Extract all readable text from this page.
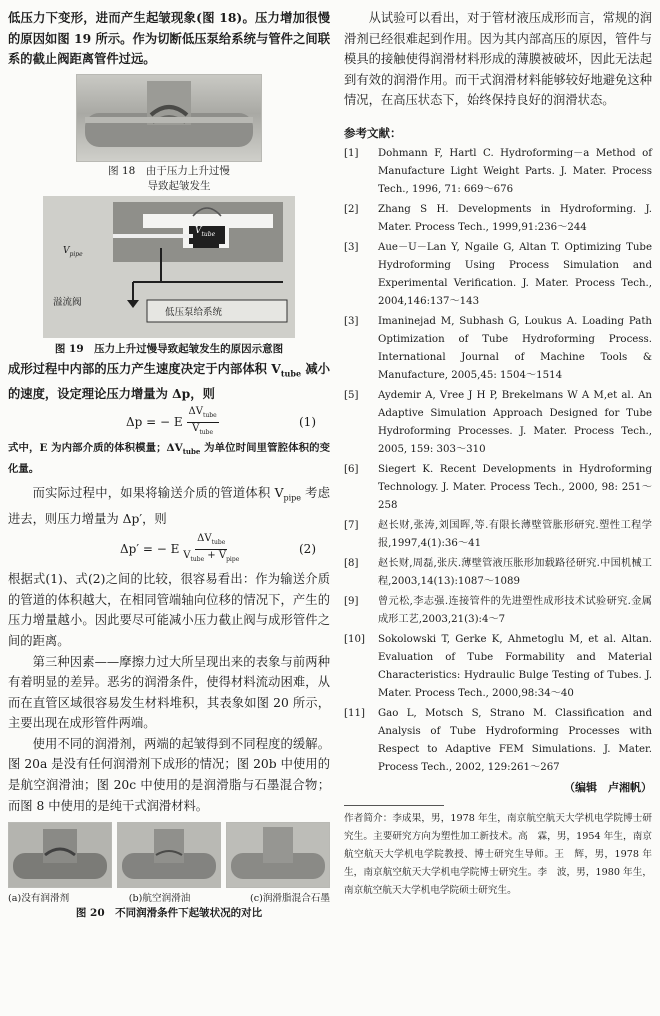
低压力下变形，进而产生起皱现象(图 18)。压力增加很慢的原因如图 19 所示。作为切断低压泵给系统与管件之间联系的截止阀距离管件过远。

图 18　由于压力上升过慢
导致起皱发生
$V_{tube}$
$V_{pipe}$
溢流阀
低压泵给系统
图 19　压力上升过慢导致起皱发生的原因示意图

成形过程中内部的压力产生速度决定于内部体积 $V_{tube}$ 减小的速度，设定理论压力增量为 Δp，则

Δp = − E $\frac{\Delta V_{tube}}{V_{tube}}$	(1)

式中，E 为内部介质的体积模量；$\Delta V_{tube}$ 为单位时间里管腔体积的变化量。

而实际过程中，如果将输送介质的管道体积 $V_{pipe}$ 考虑进去，则压力增量为 Δp′，则

Δp′ = − E $\frac{\Delta V_{tube}}{V_{tube} + V_{pipe}}$	(2)

根据式(1)、式(2)之间的比较，很容易看出：作为输送介质的管道的体积越大，在相同管端轴向位移的情况下，产生的压力增量越小。因此要尽可能减小压力截止阀与成形管件之间的距离。

第三种因素——摩擦力过大所呈现出来的表象与前两种有着明显的差异。恶劣的润滑条件，使得材料流动困难，从而在直管区域很容易发生材料堆积，其表象如图 20 所示，主要出现在成形管件两端。

使用不同的润滑剂，两端的起皱得到不同程度的缓解。图 20a 是没有任何润滑剂下成形的情况；图 20b 中使用的是航空润滑油；图 20c 中使用的是润滑脂与石墨混合物；而图 8 中使用的是纯干式润滑材料。

(a)没有润滑剂	(b)航空润滑油	(c)润滑脂混合石墨
图 20　不同润滑条件下起皱状况的对比

从试验可以看出，对于管材液压成形而言，常规的润滑剂已经很难起到作用。因为其内部高压的原因，管件与模具的接触使得润滑材料形成的薄膜被破坏，因此无法起到有效的润滑作用。而干式润滑材料能够较好地避免这种情况，在高压状态下，始终保持良好的润滑状态。

参考文献：
[1]	Dohmann F, Hartl C. Hydroforming－a Method of Manufacture Light Weight Parts. J. Mater. Process Tech., 1996, 71: 669～676
[2]	Zhang S H. Developments in Hydroforming. J. Mater. Process Tech., 1999,91:236～244
[3]	Aue－U－Lan Y, Ngaile G, Altan T. Optimizing Tube Hydroforming Using Process Simulation and Experimental Verification. J. Mater. Process Tech., 2004,146:137～143
[3]	Imaninejad M, Subhash G, Loukus A. Loading Path Optimization of Tube Hydroforming Process. International Journal of Machine Tools & Manufacture, 2005,45: 1504～1514
[5]	Aydemir A, Vree J H P, Brekelmans W A M,et al. An Adaptive Simulation Approach Designed for Tube Hydroforming Processes. J. Mater. Process Tech., 2005, 159: 303～310
[6]	Siegert K. Recent Developments in Hydroforming Technology. J. Mater. Process Tech., 2000, 98: 251～258
[7]	赵长财,张涛,刘国晖,等.有限长薄壁管胀形研究.塑性工程学报,1997,4(1):36～41
[8]	赵长财,周磊,张庆.薄壁管液压胀形加载路径研究.中国机械工程,2003,14(13):1087～1089
[9]	曾元松,李志强.连接管件的先进塑性成形技术试验研究.金属成形工艺,2003,21(3):4～7
[10]	Sokolowski T, Gerke K, Ahmetoglu M, et al. Altan. Evaluation of Tube Formability and Material Characteristics: Hydraulic Bulge Testing of Tubes. J. Mater. Process Tech., 2000,98:34～40
[11]	Gao L, Motsch S, Strano M. Classification and Analysis of Tube Hydroforming Processes with Respect to Adaptive FEM Simulations. J. Mater. Process Tech., 2002, 129:261～267
（编辑　卢湘帆）
作者简介：李成果，男，1978 年生，南京航空航天大学机电学院博士研究生。主要研究方向为塑性加工新技术。高　霖，男，1954 年生，南京航空航天大学机电学院教授、博士研究生导师。王　辉，男，1978 年生，南京航空航天大学机电学院博士研究生。李　波，男，1980 年生，南京航空航天大学机电学院硕士研究生。
